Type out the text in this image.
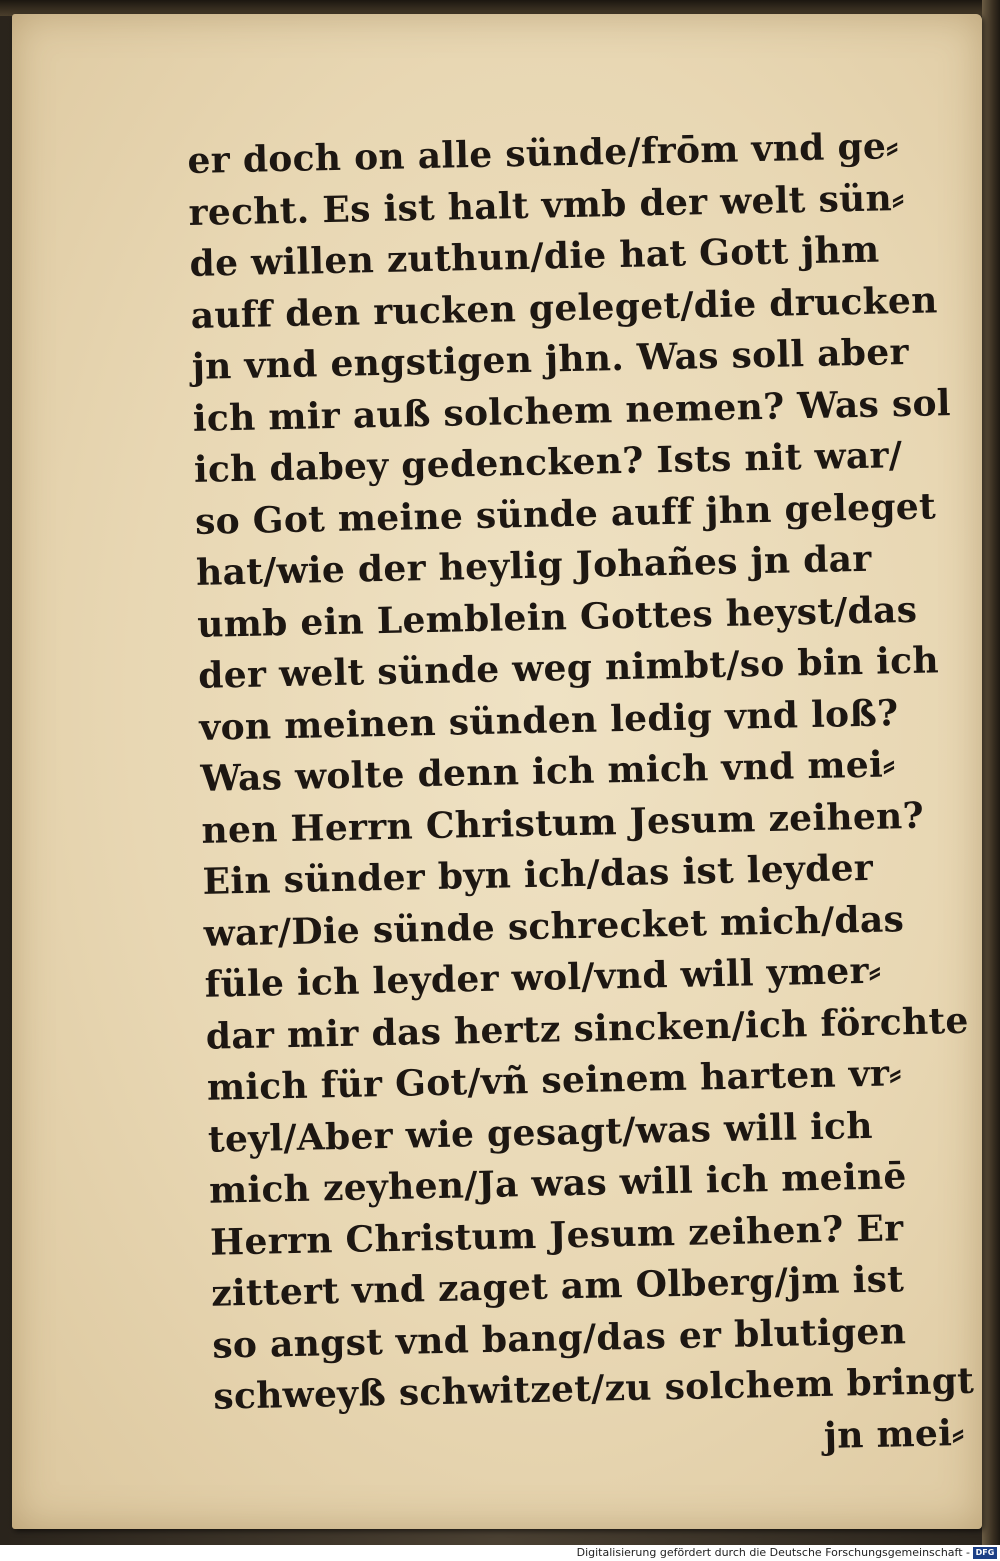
er doch on alle sünde/frōm vnd ge⸗
recht. Es ist halt vmb der welt sün⸗
de willen zuthun/die hat Gott jhm
auff den rucken geleget/die drucken
jn vnd engstigen jhn. Was soll aber
ich mir auß solchem nemen? Was sol
ich dabey gedencken? Ists nit war/
so Got meine sünde auff jhn geleget
hat/wie der heylig Johañes jn dar
umb ein Lemblein Gottes heyst/das
der welt sünde weg nimbt/so bin ich
von meinen sünden ledig vnd loß?
Was wolte denn ich mich vnd mei⸗
nen Herrn Christum Jesum zeihen?
Ein sünder byn ich/das ist leyder
war/Die sünde schrecket mich/das
füle ich leyder wol/vnd will ymer⸗
dar mir das hertz sincken/ich förchte
mich für Got/vñ seinem harten vr⸗
teyl/Aber wie gesagt/was will ich
mich zeyhen/Ja was will ich meinē
Herrn Christum Jesum zeihen? Er
zittert vnd zaget am Olberg/jm ist
so angst vnd bang/das er blutigen
schweyß schwitzet/zu solchem bringt
jn mei⸗
Digitalisierung gefördert durch die Deutsche Forschungsgemeinschaft - DFG
